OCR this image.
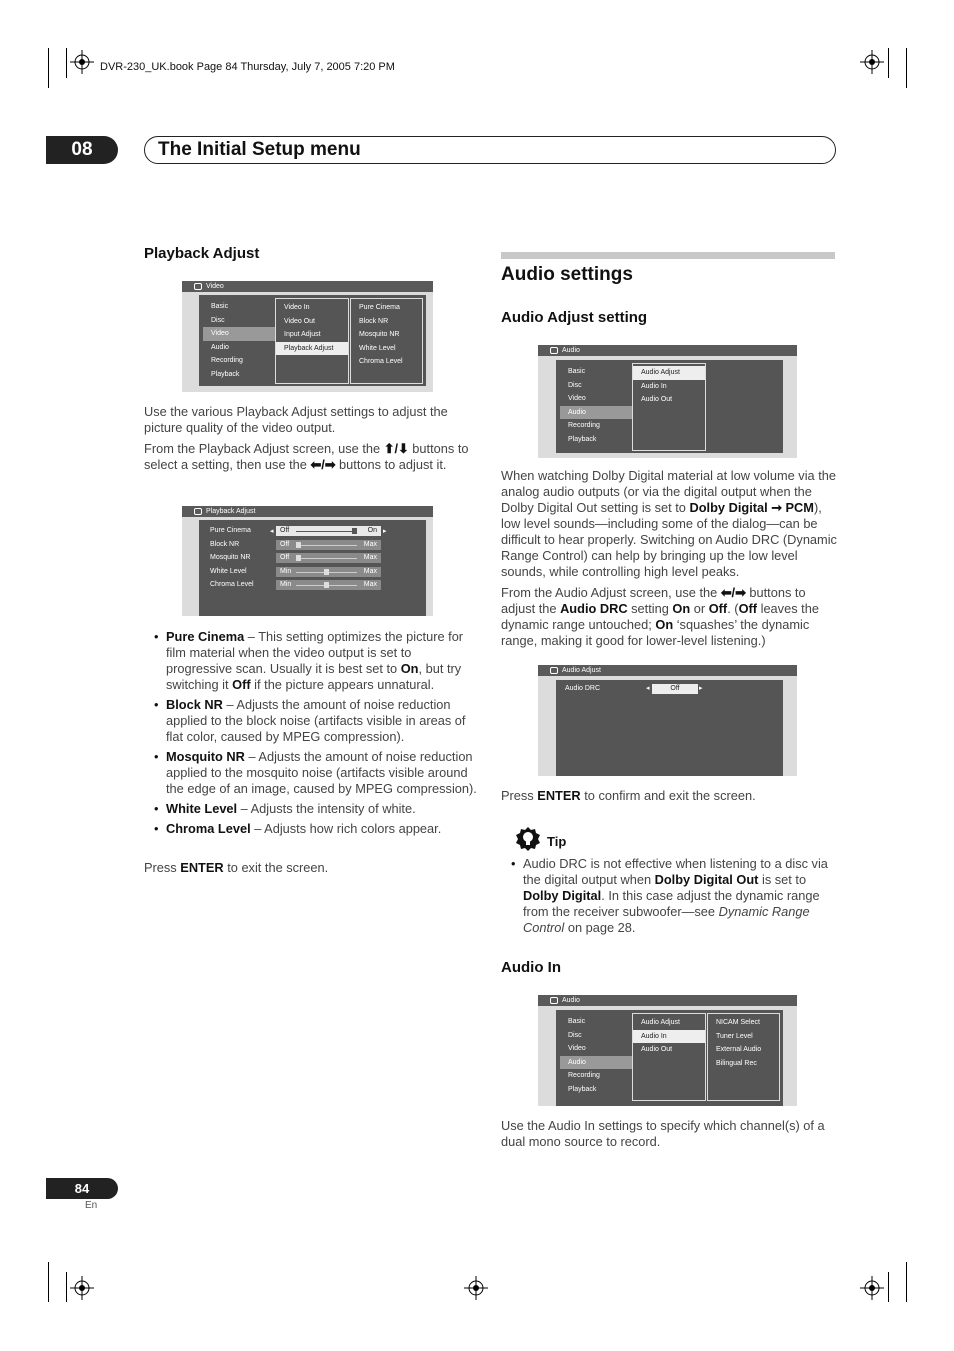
DVR-230_UK.book Page 84 Thursday, July 7, 2005 7:20 PM
08	The Initial Setup menu
Playback Adjust
Video
Basic
Disc
Video
Audio
Recording
Playback
Video In
Video Out
Input Adjust
Playback Adjust
Pure Cinema
Block NR
Mosquito NR
White Level
Chroma Level
Use the various Playback Adjust settings to adjust the picture quality of the video output.
From the Playback Adjust screen, use the ⬆/⬇ buttons to select a setting, then use the ⬅/➡ buttons to adjust it.
Playback Adjust
Pure Cinema	◂	▸
Off	On
Block NR	Off	Max
Mosquito NR	Off	Max
White Level	Min	Max
Chroma Level	Min	Max
• Pure Cinema – This setting optimizes the picture for film material when the video output is set to progressive scan. Usually it is best set to On, but try switching it Off if the picture appears unnatural.
• Block NR – Adjusts the amount of noise reduction applied to the block noise (artifacts visible in areas of flat color, caused by MPEG compression).
• Mosquito NR – Adjusts the amount of noise reduction applied to the mosquito noise (artifacts visible around the edge of an image, caused by MPEG compression).
• White Level – Adjusts the intensity of white.
• Chroma Level – Adjusts how rich colors appear.
Press ENTER to exit the screen.
Audio settings
Audio Adjust setting
Audio
Basic
Disc
Video
Audio
Recording
Playback
Audio Adjust
Audio In
Audio Out
When watching Dolby Digital material at low volume via the analog audio outputs (or via the digital output when the Dolby Digital Out setting is set to Dolby Digital ➞ PCM), low level sounds—including some of the dialog—can be difficult to hear properly. Switching on Audio DRC (Dynamic Range Control) can help by bringing up the low level sounds, while controlling high level peaks.
From the Audio Adjust screen, use the ⬅/➡ buttons to adjust the Audio DRC setting On or Off. (Off leaves the dynamic range untouched; On ‘squashes’ the dynamic range, making it good for lower-level listening.)
Audio Adjust
Audio DRC	◂	Off	▸
Press ENTER to confirm and exit the screen.
Tip
• Audio DRC is not effective when listening to a disc via the digital output when Dolby Digital Out is set to Dolby Digital. In this case adjust the dynamic range from the receiver subwoofer—see Dynamic Range Control on page 28.
Audio In
Audio
Basic
Disc
Video
Audio
Recording
Playback
Audio Adjust
Audio In
Audio Out
NICAM Select
Tuner Level
External Audio
Bilingual Rec
Use the Audio In settings to specify which channel(s) of a dual mono source to record.
84
En
